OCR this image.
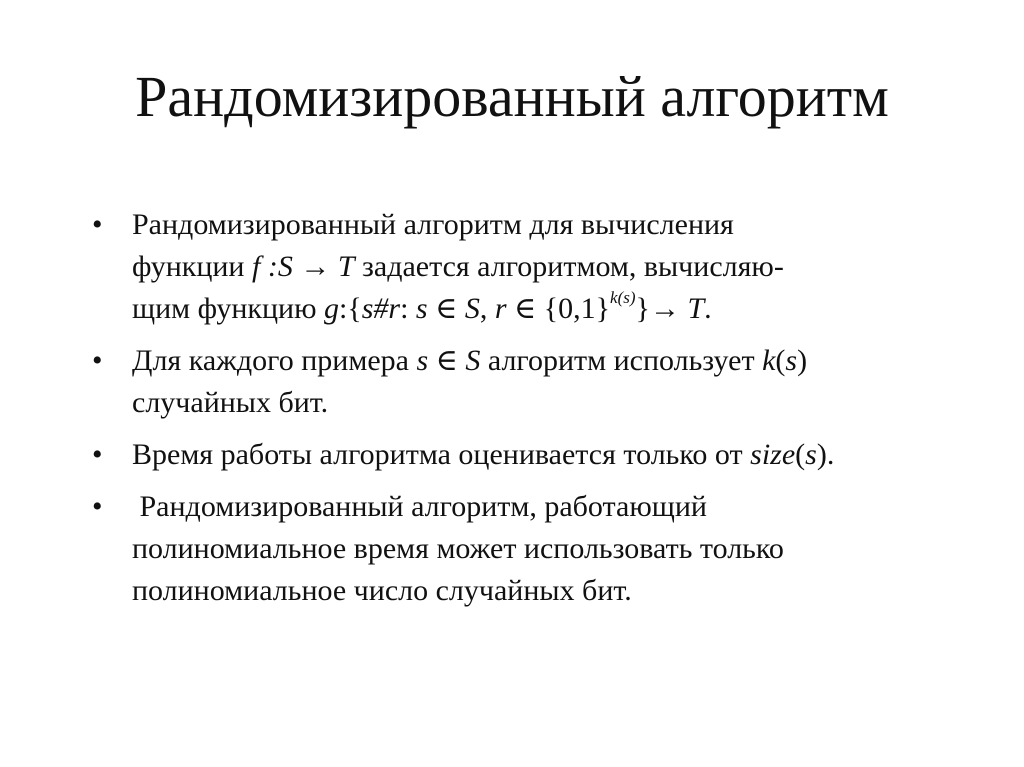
Рандомизированный алгоритм
• Рандомизированный алгоритм для вычисления
функции f :S → T задается алгоритмом, вычисляю-
щим функцию g:{s#r: s ∈ S, r ∈ $\{0,1\}^{k(s)}\}\to T$.
• Для каждого примера s ∈ S алгоритм использует k(s)
случайных бит.
• Время работы алгоритма оценивается только от size(s).
• Рандомизированный алгоритм, работающий
полиномиальное время может использовать только
полиномиальное число случайных бит.
